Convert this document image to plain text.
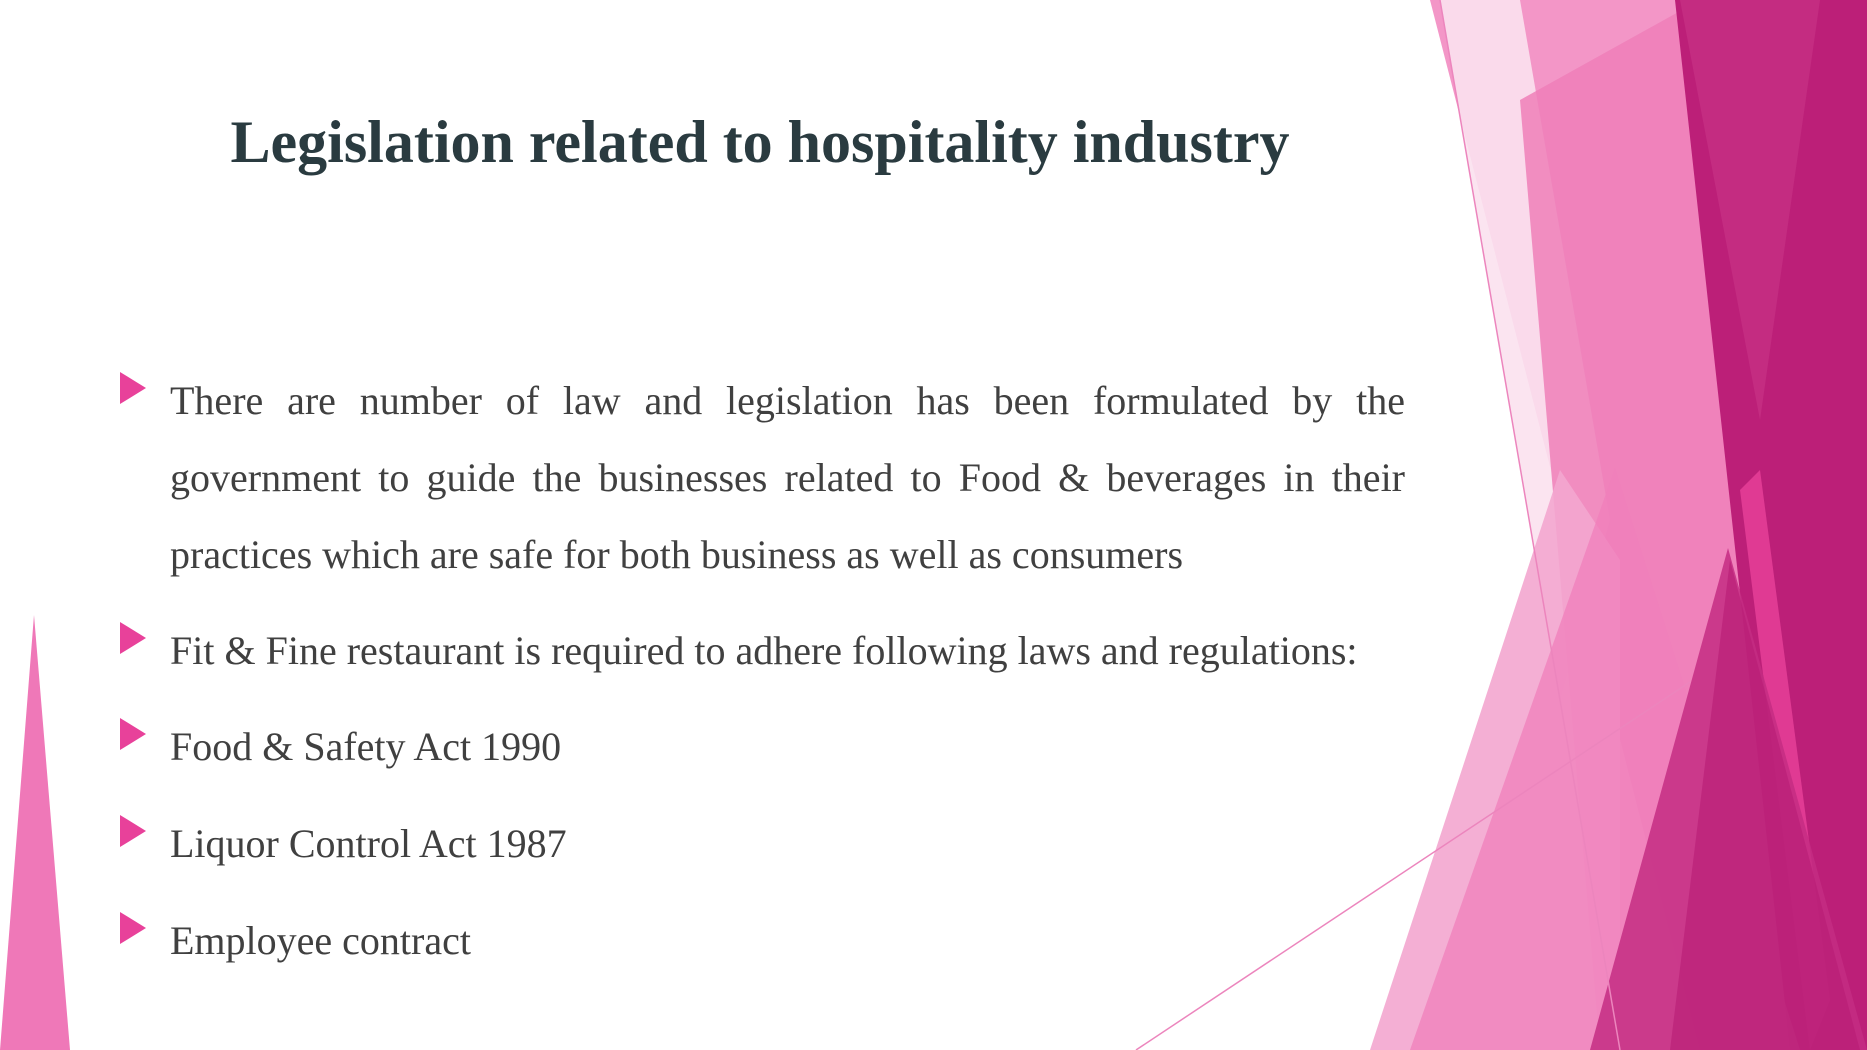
Legislation related to hospitality industry
There are number of law and legislation has been formulated by the government to guide the businesses related to Food & beverages in their practices which are safe for both business as well as consumers
Fit & Fine restaurant is required to adhere following laws and regulations:
Food & Safety Act 1990
Liquor Control Act 1987
Employee contract
